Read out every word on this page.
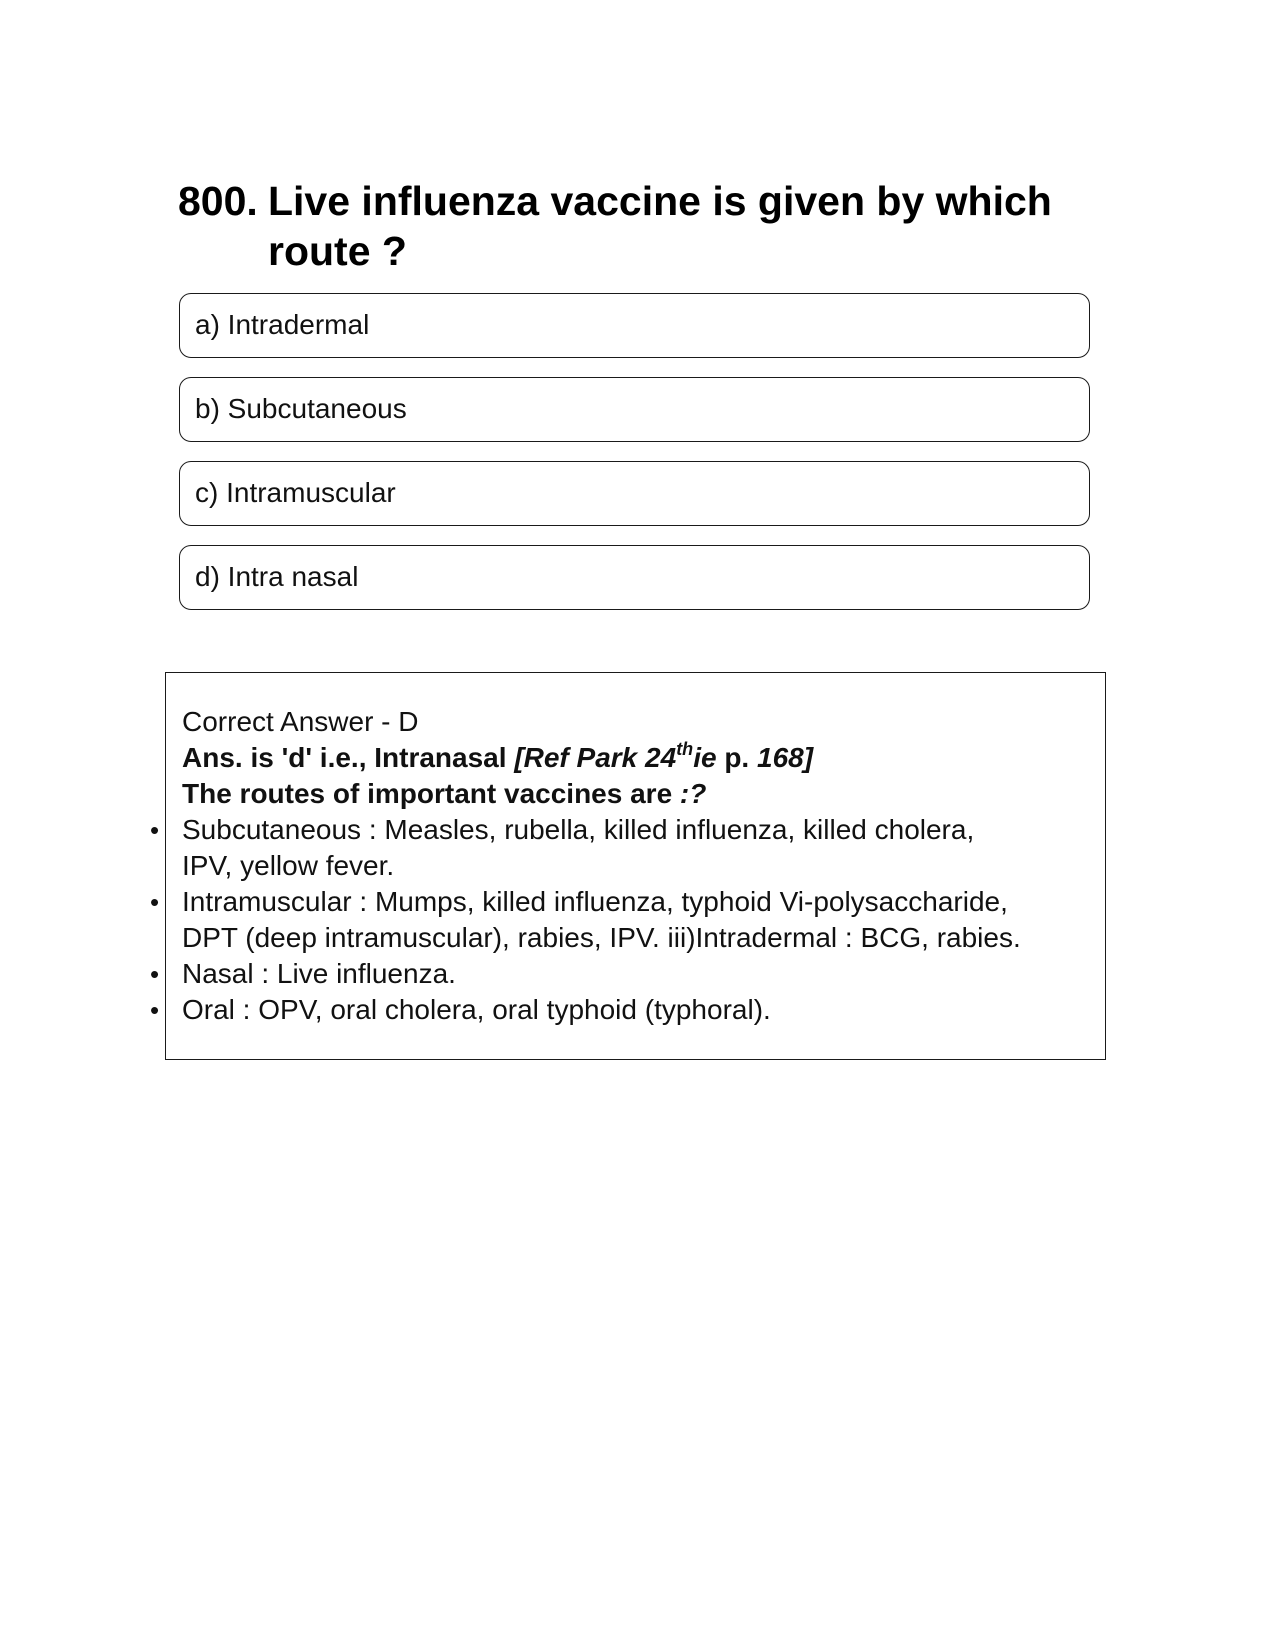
800. Live influenza vaccine is given by which route ?
a) Intradermal
b) Subcutaneous
c) Intramuscular
d) Intra nasal
Correct Answer - D
Ans. is 'd' i.e., Intranasal [Ref Park 24thie p. 168]
The routes of important vaccines are :?
• Subcutaneous : Measles, rubella, killed influenza, killed cholera,
IPV, yellow fever.
• Intramuscular : Mumps, killed influenza, typhoid Vi-polysaccharide,
DPT (deep intramuscular), rabies, IPV. iii)Intradermal : BCG, rabies.
• Nasal : Live influenza.
• Oral : OPV, oral cholera, oral typhoid (typhoral).
